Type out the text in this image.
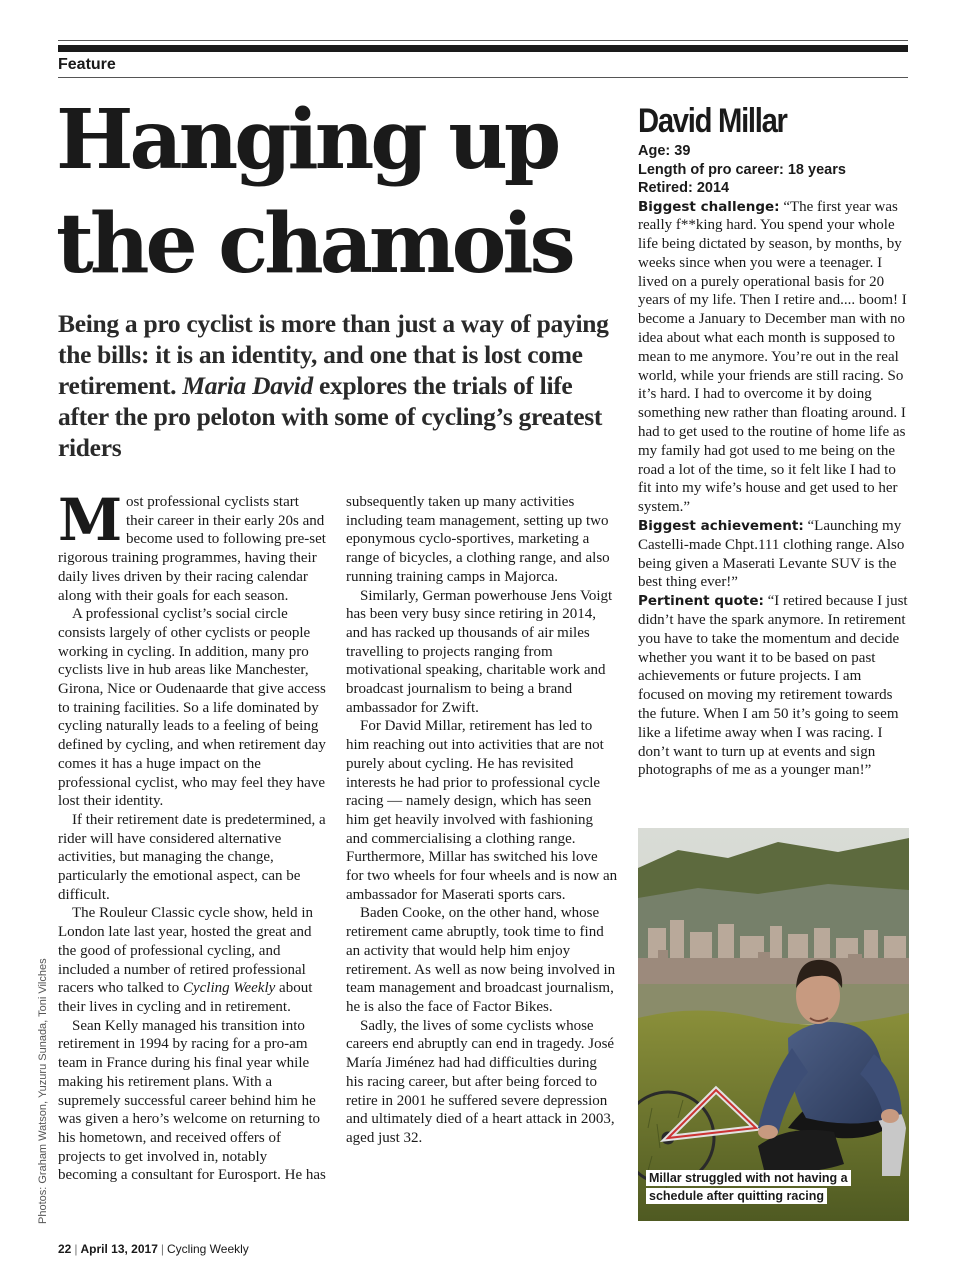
Feature
Hanging up
the chamois

Being a pro cyclist is more than just a way of paying the bills: it is an identity, and one that is lost come retirement. Maria David explores the trials of life after the pro peloton with some of cycling’s greatest riders

Most professional cyclists start their career in their early 20s and become used to following pre-set rigorous training programmes, having their daily lives driven by their racing calendar along with their goals for each season.

A professional cyclist’s social circle consists largely of other cyclists or people working in cycling. In addition, many pro cyclists live in hub areas like Manchester, Girona, Nice or Oudenaarde that give access to training facilities. So a life dominated by cycling naturally leads to a feeling of being defined by cycling, and when retirement day comes it has a huge impact on the professional cyclist, who may feel they have lost their identity.

If their retirement date is predetermined, a rider will have considered alternative activities, but managing the change, particularly the emotional aspect, can be difficult.

The Rouleur Classic cycle show, held in London late last year, hosted the great and the good of professional cycling, and included a number of retired professional racers who talked to Cycling Weekly about their lives in cycling and in retirement.

Sean Kelly managed his transition into retirement in 1994 by racing for a pro-am team in France during his final year while making his retirement plans. With a supremely successful career behind him he was given a hero’s welcome on returning to his hometown, and received offers of projects to get involved in, notably becoming a consultant for Eurosport. He has

subsequently taken up many activities including team management, setting up two eponymous cyclo-sportives, marketing a range of bicycles, a clothing range, and also running training camps in Majorca.

Similarly, German powerhouse Jens Voigt has been very busy since retiring in 2014, and has racked up thousands of air miles travelling to projects ranging from motivational speaking, charitable work and broadcast journalism to being a brand ambassador for Zwift.

For David Millar, retirement has led to him reaching out into activities that are not purely about cycling. He has revisited interests he had prior to professional cycle racing — namely design, which has seen him get heavily involved with fashioning and commercialising a clothing range. Furthermore, Millar has switched his love for two wheels for four wheels and is now an ambassador for Maserati sports cars.

Baden Cooke, on the other hand, whose retirement came abruptly, took time to find an activity that would help him enjoy retirement. As well as now being involved in team management and broadcast journalism, he is also the face of Factor Bikes.

Sadly, the lives of some cyclists whose careers end abruptly can end in tragedy. José María Jiménez had had difficulties during his racing career, but after being forced to retire in 2001 he suffered severe depression and ultimately died of a heart attack in 2003, aged just 32.

Photos: Graham Watson, Yuzuru Sunada, Toni Vilches
David Millar
Age: 39
Length of pro career: 18 years
Retired: 2014

Biggest challenge: “The first year was really f**king hard. You spend your whole life being dictated by season, by months, by weeks since when you were a teenager. I lived on a purely operational basis for 20 years of my life. Then I retire and.... boom! I become a January to December man with no idea about what each month is supposed to mean to me anymore. You’re out in the real world, while your friends are still racing. So it’s hard. I had to overcome it by doing something new rather than floating around. I had to get used to the routine of home life as my family had got used to me being on the road a lot of the time, so it felt like I had to fit into my wife’s house and get used to her system.”

Biggest achievement: “Launching my Castelli-made Chpt.111 clothing range. Also being given a Maserati Levante SUV is the best thing ever!”

Pertinent quote: “I retired because I just didn’t have the spark anymore. In retirement you have to take the momentum and decide whether you want it to be based on past achievements or future projects. I am focused on moving my retirement towards the future. When I am 50 it’s going to seem like a lifetime away when I was racing. I don’t want to turn up at events and sign photographs of me as a younger man!”

Millar struggled with not having a schedule after quitting racing
22 | April 13, 2017 | Cycling Weekly
